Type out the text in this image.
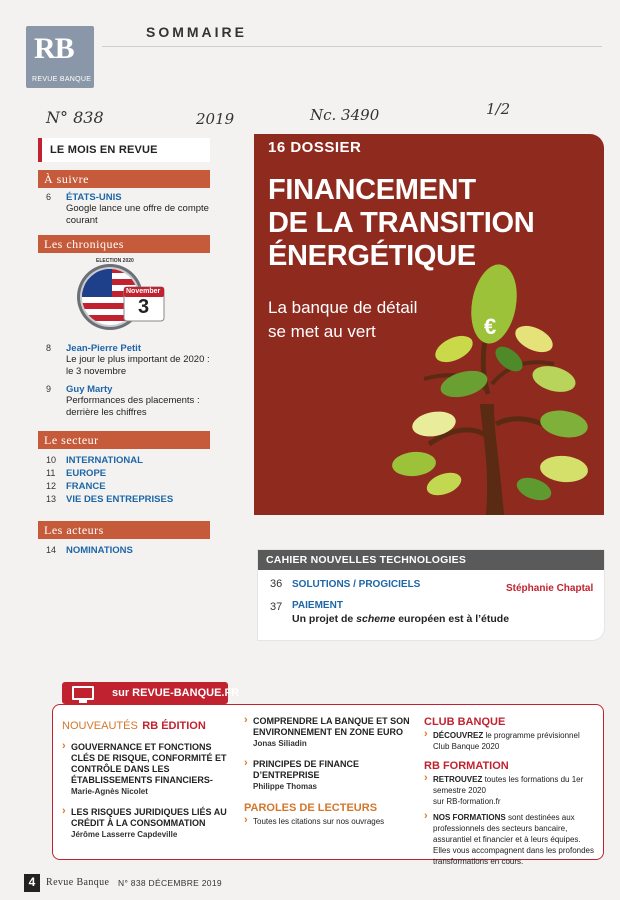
RB
REVUE BANQUE
SOMMAIRE
N° 838	2019	Nc. 3490	1/2
LE MOIS EN REVUE
À suivre
6 ÉTATS-UNIS
Google lance une offre de compte courant
Les chroniques
ELECTION 2020
November
3
8 Jean-Pierre Petit
Le jour le plus important de 2020 : le 3 novembre
9 Guy Marty
Performances des placements : derrière les chiffres
Le secteur
10 INTERNATIONAL
11 EUROPE
12 FRANCE
13 VIE DES ENTREPRISES
Les acteurs
14 NOMINATIONS
€
16 DOSSIER
FINANCEMENT
DE LA TRANSITION
ÉNERGÉTIQUE
La banque de détail
se met au vert
CAHIER NOUVELLES TECHNOLOGIES
36 SOLUTIONS / PROGICIELS	Stéphanie Chaptal
37 PAIEMENT
Un projet de scheme européen est à l’étude
sur REVUE-BANQUE.FR
NOUVEAUTÉS RB ÉDITION
› GOUVERNANCE ET FONCTIONS CLÉS DE RISQUE, CONFORMITÉ ET CONTRÔLE DANS LES ÉTABLISSEMENTS FINANCIERS-
Marie-Agnès Nicolet
› LES RISQUES JURIDIQUES LIÉS AU CRÉDIT À LA CONSOMMATION
Jérôme Lasserre Capdeville
› COMPRENDRE LA BANQUE ET SON ENVIRONNEMENT EN ZONE EURO
Jonas Siliadin
› PRINCIPES DE FINANCE D’ENTREPRISE
Philippe Thomas
PAROLES DE LECTEURS
› Toutes les citations sur nos ouvrages
CLUB BANQUE
› DÉCOUVREZ le programme prévisionnel
Club Banque 2020
RB FORMATION
› RETROUVEZ toutes les formations du 1er semestre 2020
sur RB-formation.fr
› NOS FORMATIONS sont destinées aux professionnels des secteurs bancaire, assurantiel et financier et à leurs équipes. Elles vous accompagnent dans les profondes transformations en cours.
4	Revue Banque N° 838 DÉCEMBRE 2019
